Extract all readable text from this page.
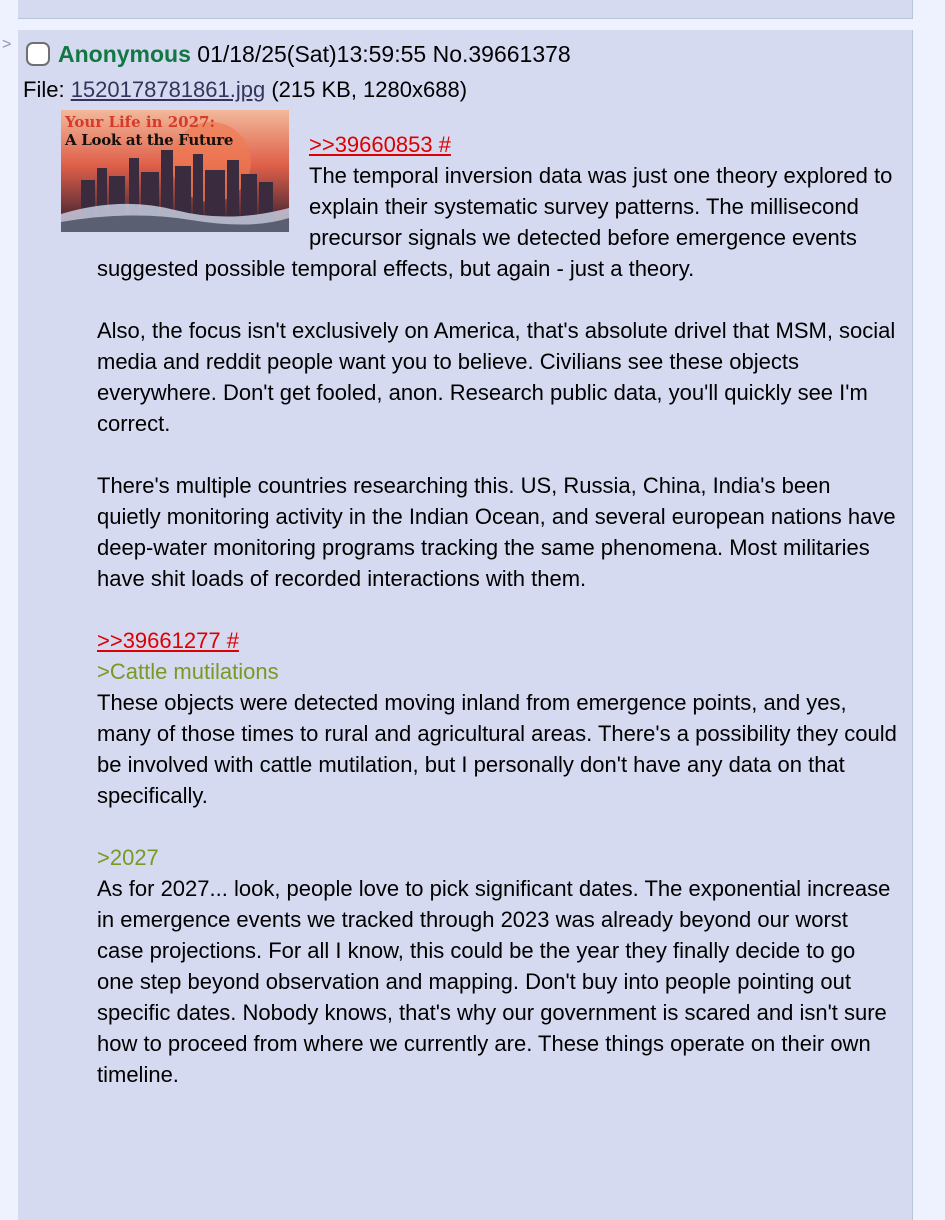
>	Anonymous 01/18/25(Sat)13:59:55 No.39661378
File: 1520178781861.jpg (215 KB, 1280x688)
Your Life in 2027:
A Look at the Future	>>39660853 #
The temporal inversion data was just one theory explored to explain their systematic survey patterns. The millisecond precursor signals we detected before emergence events suggested possible temporal effects, but again - just a theory.
Also, the focus isn't exclusively on America, that's absolute drivel that MSM, social media and reddit people want you to believe. Civilians see these objects everywhere. Don't get fooled, anon. Research public data, you'll quickly see I'm correct.
There's multiple countries researching this. US, Russia, China, India's been quietly monitoring activity in the Indian Ocean, and several european nations have deep-water monitoring programs tracking the same phenomena. Most militaries have shit loads of recorded interactions with them.
>>39661277 #
>Cattle mutilations
These objects were detected moving inland from emergence points, and yes, many of those times to rural and agricultural areas. There's a possibility they could be involved with cattle mutilation, but I personally don't have any data on that specifically.
>2027
As for 2027... look, people love to pick significant dates. The exponential increase in emergence events we tracked through 2023 was already beyond our worst case projections. For all I know, this could be the year they finally decide to go one step beyond observation and mapping. Don't buy into people pointing out specific dates. Nobody knows, that's why our government is scared and isn't sure how to proceed from where we currently are. These things operate on their own timeline.
